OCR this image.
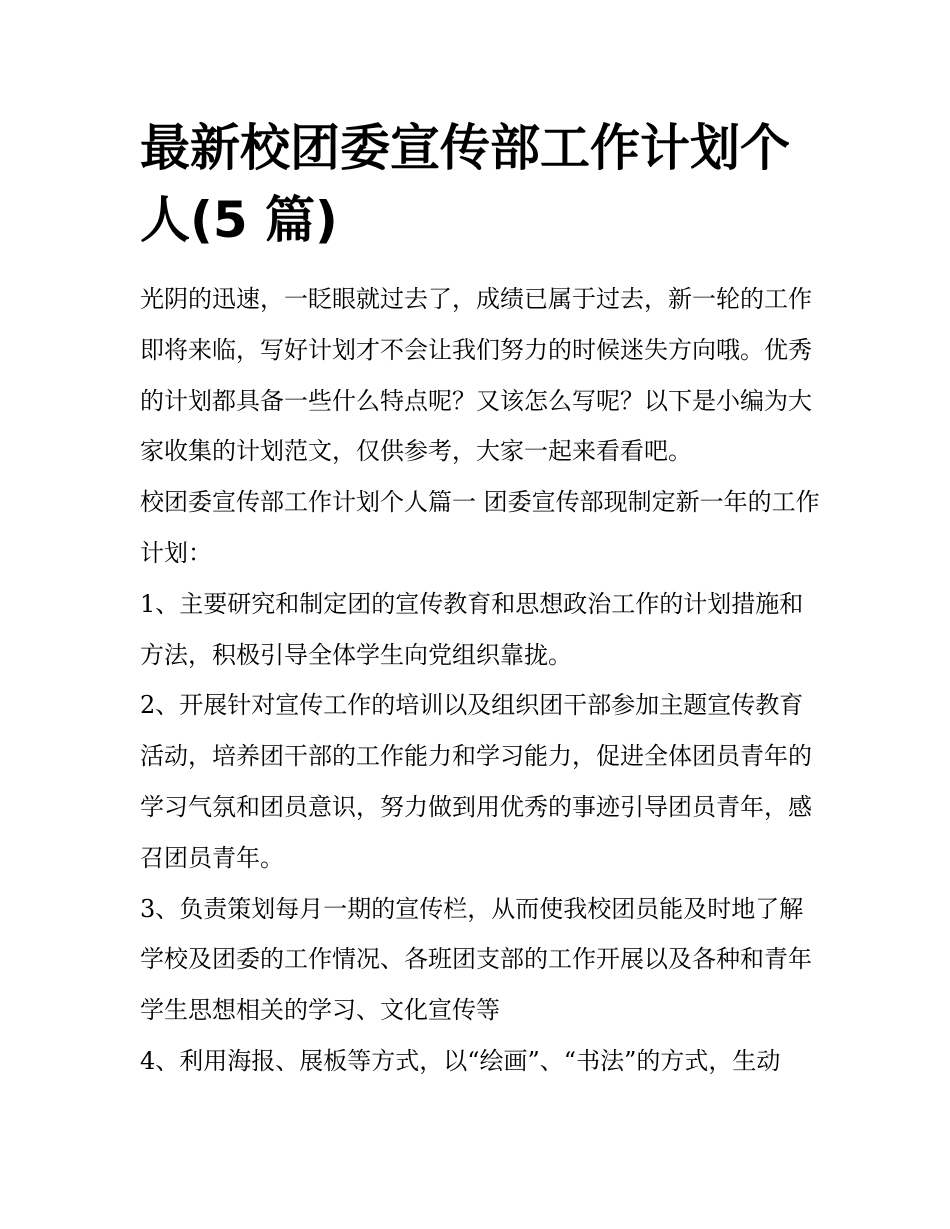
最新校团委宣传部工作计划个人(5 篇)

光阴的迅速，一眨眼就过去了，成绩已属于过去，新一轮的工作即将来临，写好计划才不会让我们努力的时候迷失方向哦。优秀的计划都具备一些什么特点呢？又该怎么写呢？以下是小编为大家收集的计划范文，仅供参考，大家一起来看看吧。

校团委宣传部工作计划个人篇一 团委宣传部现制定新一年的工作计划：

1、主要研究和制定团的宣传教育和思想政治工作的计划措施和方法，积极引导全体学生向党组织靠拢。

2、开展针对宣传工作的培训以及组织团干部参加主题宣传教育活动，培养团干部的工作能力和学习能力，促进全体团员青年的学习气氛和团员意识，努力做到用优秀的事迹引导团员青年，感召团员青年。

3、负责策划每月一期的宣传栏，从而使我校团员能及时地了解学校及团委的工作情况、各班团支部的工作开展以及各种和青年学生思想相关的学习、文化宣传等

4、利用海报、展板等方式，以“绘画”、“书法”的方式，生动
